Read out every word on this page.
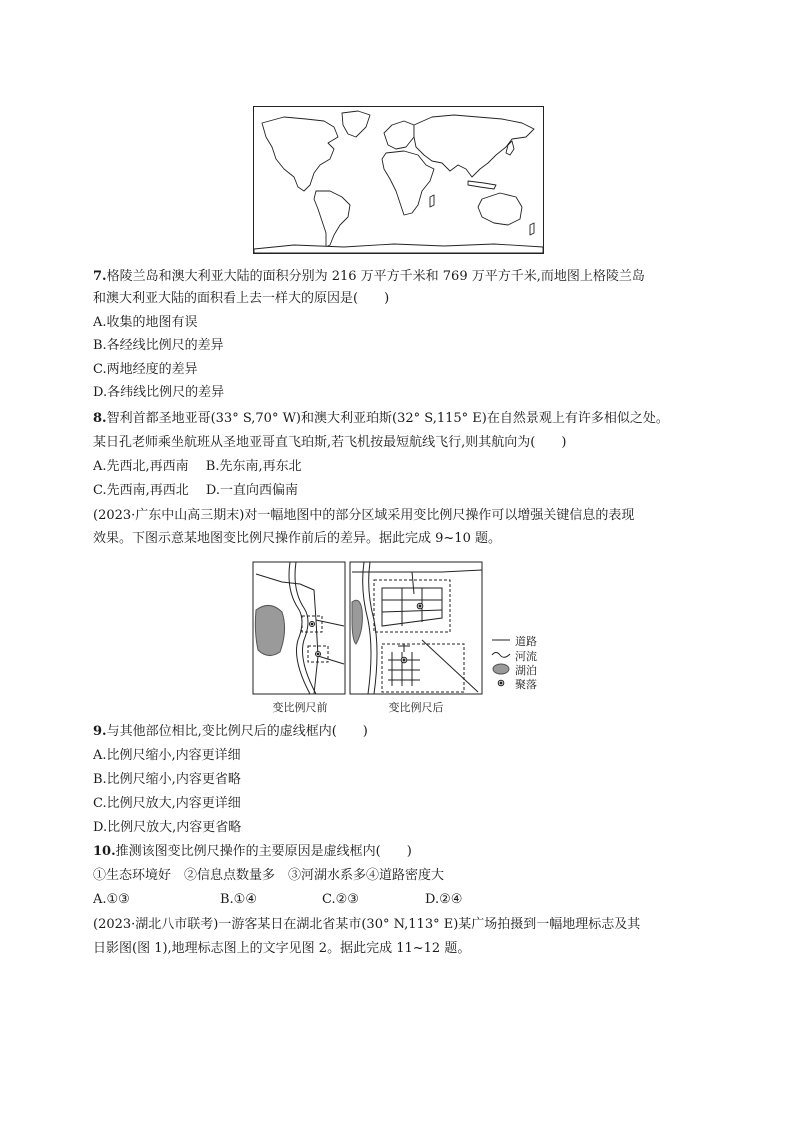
7.格陵兰岛和澳大利亚大陆的面积分别为 216 万平方千米和 769 万平方千米,而地图上格陵兰岛
和澳大利亚大陆的面积看上去一样大的原因是(　　)
A.收集的地图有误
B.各经线比例尺的差异
C.两地经度的差异
D.各纬线比例尺的差异
8.智利首都圣地亚哥(33° S,70° W)和澳大利亚珀斯(32° S,115° E)在自然景观上有许多相似之处。
某日孔老师乘坐航班从圣地亚哥直飞珀斯,若飞机按最短航线飞行,则其航向为(　　)
A.先西北,再西南　 B.先东南,再东北
C.先西南,再西北　 D.一直向西偏南
(2023·广东中山高三期末)对一幅地图中的部分区域采用变比例尺操作可以增强关键信息的表现
效果。下图示意某地图变比例尺操作前后的差异。据此完成 9~10 题。
变比例尺前	变比例尺后
道路
河流
湖泊
聚落
9.与其他部位相比,变比例尺后的虚线框内(　　)
A.比例尺缩小,内容更详细
B.比例尺缩小,内容更省略
C.比例尺放大,内容更详细
D.比例尺放大,内容更省略
10.推测该图变比例尺操作的主要原因是虚线框内(　　)
①生态环境好　②信息点数量多　③河湖水系多④道路密度大
A.①③	B.①④	C.②③	D.②④
(2023·湖北八市联考)一游客某日在湖北省某市(30° N,113° E)某广场拍摄到一幅地理标志及其
日影图(图 1),地理标志图上的文字见图 2。据此完成 11~12 题。
